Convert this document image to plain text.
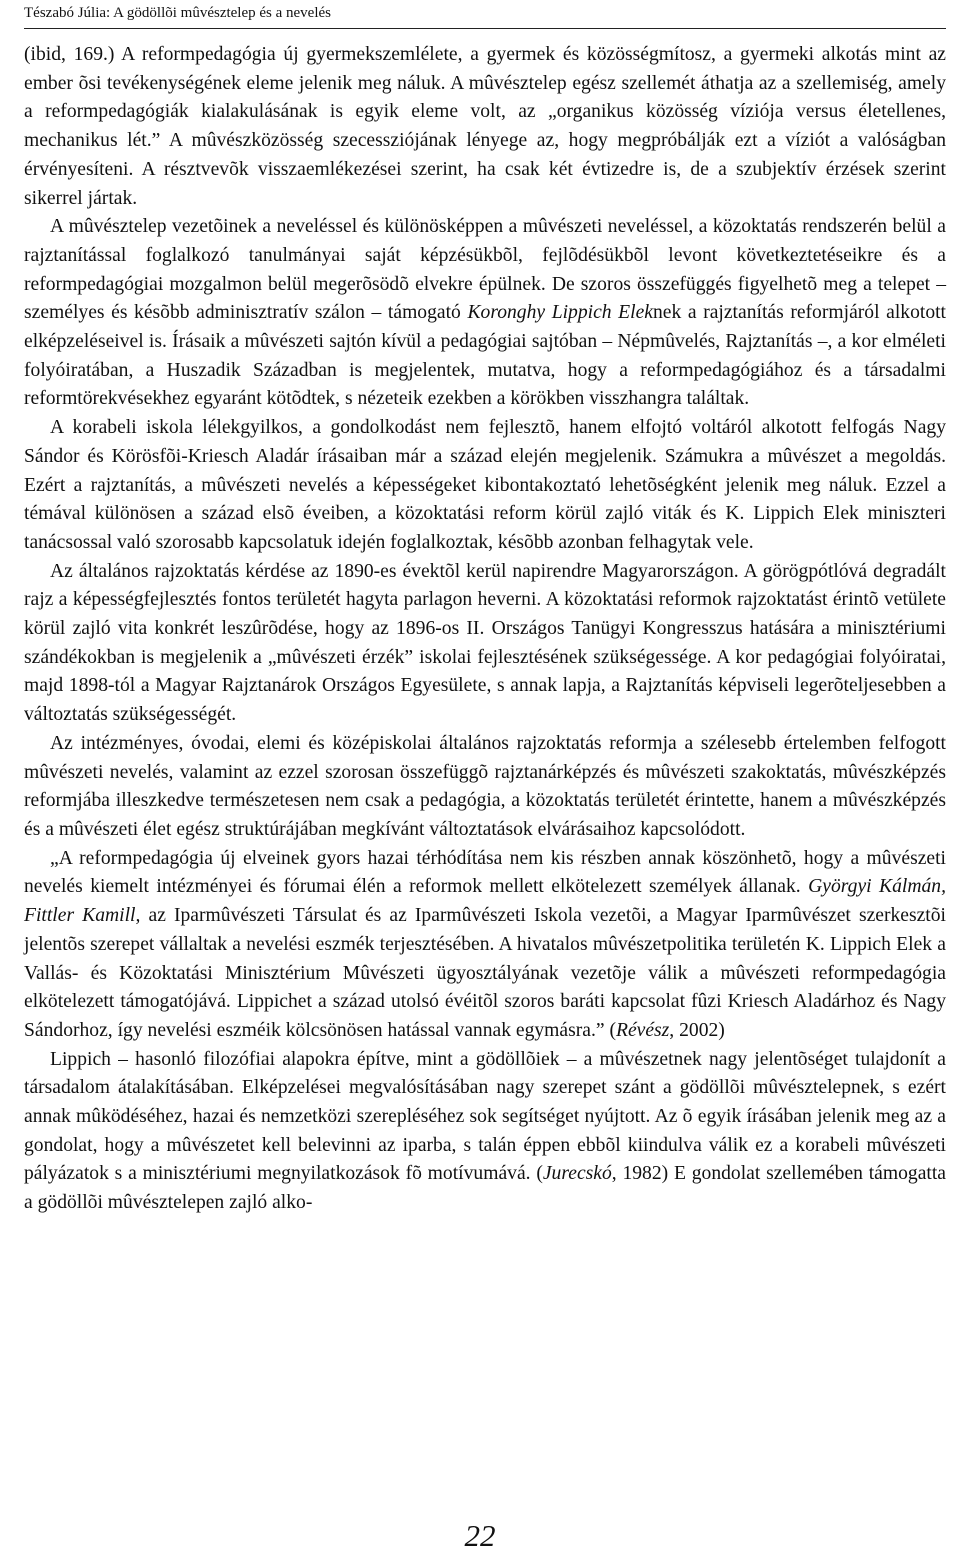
Tészabó Júlia: A gödöllõi mûvésztelep és a nevelés

(ibid, 169.) A reformpedagógia új gyermekszemlélete, a gyermek és közösségmítosz, a gyermeki alkotás mint az ember õsi tevékenységének eleme jelenik meg náluk. A mûvésztelep egész szellemét áthatja az a szellemiség, amely a reformpedagógiák kialakulásának is egyik eleme volt, az „organikus közösség víziója versus életellenes, mechanikus lét.” A mûvészközösség szecessziójának lényege az, hogy megpróbálják ezt a víziót a valóságban érvényesíteni. A résztvevõk visszaemlékezései szerint, ha csak két évtizedre is, de a szubjektív érzések szerint sikerrel jártak.

A mûvésztelep vezetõinek a neveléssel és különösképpen a mûvészeti neveléssel, a közoktatás rendszerén belül a rajztanítással foglalkozó tanulmányai saját képzésükbõl, fejlõdésükbõl levont következtetéseikre és a reformpedagógiai mozgalmon belül megerõsödõ elvekre épülnek. De szoros összefüggés figyelhetõ meg a telepet – személyes és késõbb adminisztratív szálon – támogató Koronghy Lippich Eleknek a rajztanítás reformjáról alkotott elképzeléseivel is. Írásaik a mûvészeti sajtón kívül a pedagógiai sajtóban – Népmûvelés, Rajztanítás –, a kor elméleti folyóiratában, a Huszadik Században is megjelentek, mutatva, hogy a reformpedagógiához és a társadalmi reformtörekvésekhez egyaránt kötõdtek, s nézeteik ezekben a körökben visszhangra találtak.

A korabeli iskola lélekgyilkos, a gondolkodást nem fejlesztõ, hanem elfojtó voltáról alkotott felfogás Nagy Sándor és Körösfõi-Kriesch Aladár írásaiban már a század elején megjelenik. Számukra a mûvészet a megoldás. Ezért a rajztanítás, a mûvészeti nevelés a képességeket kibontakoztató lehetõségként jelenik meg náluk. Ezzel a témával különösen a század elsõ éveiben, a közoktatási reform körül zajló viták és K. Lippich Elek miniszteri tanácsossal való szorosabb kapcsolatuk idején foglalkoztak, késõbb azonban felhagytak vele.

Az általános rajzoktatás kérdése az 1890-es évektõl kerül napirendre Magyarországon. A görögpótlóvá degradált rajz a képességfejlesztés fontos területét hagyta parlagon heverni. A közoktatási reformok rajzoktatást érintõ vetülete körül zajló vita konkrét leszûrõdése, hogy az 1896-os II. Országos Tanügyi Kongresszus hatására a minisztériumi szándékokban is megjelenik a „mûvészeti érzék” iskolai fejlesztésének szükségessége. A kor pedagógiai folyóiratai, majd 1898-tól a Magyar Rajztanárok Országos Egyesülete, s annak lapja, a Rajztanítás képviseli legerõteljesebben a változtatás szükségességét.

Az intézményes, óvodai, elemi és középiskolai általános rajzoktatás reformja a szélesebb értelemben felfogott mûvészeti nevelés, valamint az ezzel szorosan összefüggõ rajztanárképzés és mûvészeti szakoktatás, mûvészképzés reformjába illeszkedve természetesen nem csak a pedagógia, a közoktatás területét érintette, hanem a mûvészképzés és a mûvészeti élet egész struktúrájában megkívánt változtatások elvárásaihoz kapcsolódott.

„A reformpedagógia új elveinek gyors hazai térhódítása nem kis részben annak köszönhetõ, hogy a mûvészeti nevelés kiemelt intézményei és fórumai élén a reformok mellett elkötelezett személyek állanak. Györgyi Kálmán, Fittler Kamill, az Iparmûvészeti Társulat és az Iparmûvészeti Iskola vezetõi, a Magyar Iparmûvészet szerkesztõi jelentõs szerepet vállaltak a nevelési eszmék terjesztésében. A hivatalos mûvészetpolitika területén K. Lippich Elek a Vallás- és Közoktatási Minisztérium Mûvészeti ügyosztályának vezetõje válik a mûvészeti reformpedagógia elkötelezett támogatójává. Lippichet a század utolsó évéitõl szoros baráti kapcsolat fûzi Kriesch Aladárhoz és Nagy Sándorhoz, így nevelési eszméik kölcsönösen hatással vannak egymásra.” (Révész, 2002)

Lippich – hasonló filozófiai alapokra építve, mint a gödöllõiek – a mûvészetnek nagy jelentõséget tulajdonít a társadalom átalakításában. Elképzelései megvalósításában nagy szerepet szánt a gödöllõi mûvésztelepnek, s ezért annak mûködéséhez, hazai és nemzetközi szerepléséhez sok segítséget nyújtott. Az õ egyik írásában jelenik meg az a gondolat, hogy a mûvészetet kell belevinni az iparba, s talán éppen ebbõl kiindulva válik ez a korabeli mûvészeti pályázatok s a minisztériumi megnyilatkozások fõ motívumává. (Jurecskó, 1982) E gondolat szellemében támogatta a gödöllõi mûvésztelepen zajló alko-

22
